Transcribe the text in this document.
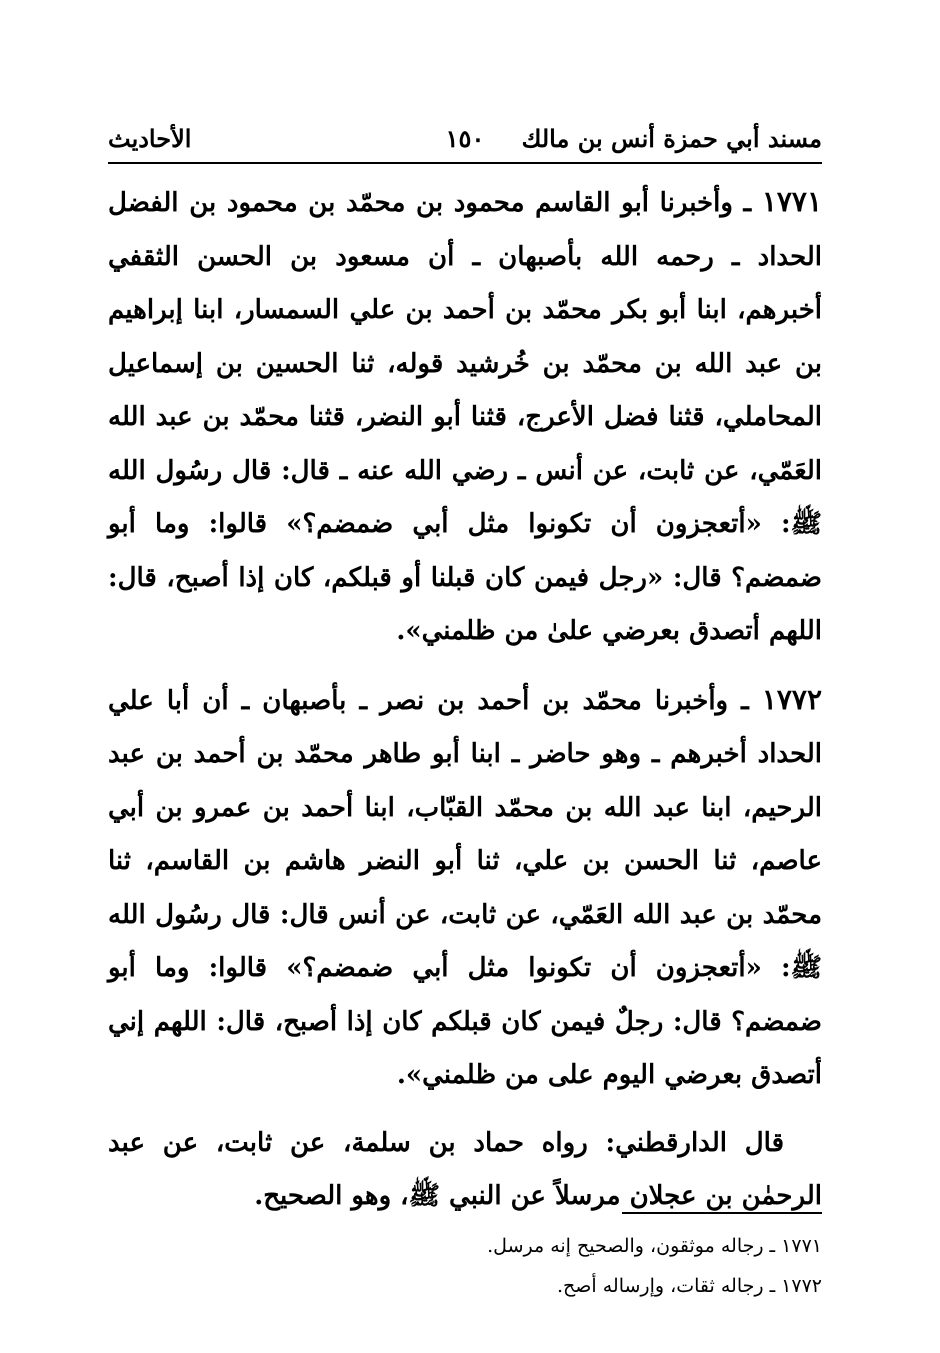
مسند أبي حمزة أنس بن مالك
١٥٠
الأحاديث

١٧٧١ ـ وأخبرنا أبو القاسم محمود بن محمّد بن محمود بن الفضل الحداد ـ رحمه الله بأصبهان ـ أن مسعود بن الحسن الثقفي أخبرهم، ابنا أبو بكر محمّد بن أحمد بن علي السمسار، ابنا إبراهيم بن عبد الله بن محمّد بن خُرشيد قوله، ثنا الحسين بن إسماعيل المحاملي، قثنا فضل الأعرج، قثنا أبو النضر، قثنا محمّد بن عبد الله العَمّي، عن ثابت، عن أنس ـ رضي الله عنه ـ قال: قال رسُول الله ﷺ: «أتعجزون أن تكونوا مثل أبي ضمضم؟» قالوا: وما أبو ضمضم؟ قال: «رجل فيمن كان قبلنا أو قبلكم، كان إذا أصبح، قال: اللهم أتصدق بعرضي علىٰ من ظلمني».

١٧٧٢ ـ وأخبرنا محمّد بن أحمد بن نصر ـ بأصبهان ـ أن أبا علي الحداد أخبرهم ـ وهو حاضر ـ ابنا أبو طاهر محمّد بن أحمد بن عبد الرحيم، ابنا عبد الله بن محمّد القبّاب، ابنا أحمد بن عمرو بن أبي عاصم، ثنا الحسن بن علي، ثنا أبو النضر هاشم بن القاسم، ثنا محمّد بن عبد الله العَمّي، عن ثابت، عن أنس قال: قال رسُول الله ﷺ: «أتعجزون أن تكونوا مثل أبي ضمضم؟» قالوا: وما أبو ضمضم؟ قال: رجلٌ فيمن كان قبلكم كان إذا أصبح، قال: اللهم إني أتصدق بعرضي اليوم على من ظلمني».

قال الدارقطني: رواه حماد بن سلمة، عن ثابت، عن عبد الرحمٰن بن عجلان مرسلاً عن النبي ﷺ، وهو الصحيح.

١٧٧١ ـ رجاله موثقون، والصحيح إنه مرسل.

١٧٧٢ ـ رجاله ثقات، وإرساله أصح.
